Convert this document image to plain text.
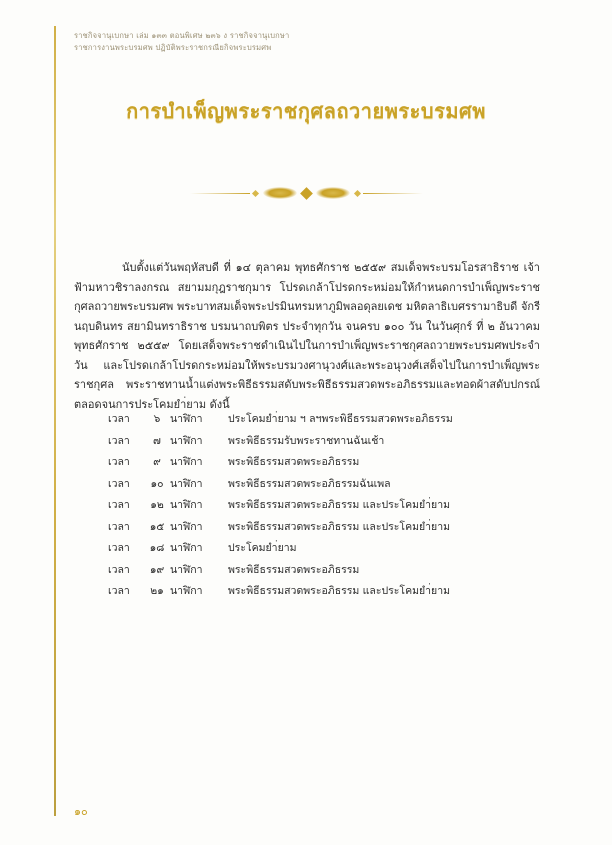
ราชกิจจานุเบกษา เล่ม ๑๓๓ ตอนพิเศษ ๒๓๖ ง ราชกิจจานุเบกษา
ราชการงานพระบรมศพ ปฏิบัติพระราชกรณียกิจพระบรมศพ
การบำเพ็ญพระราชกุศลถวายพระบรมศพ
นับตั้งแต่วันพฤหัสบดี ที่ ๑๔ ตุลาคม พุทธศักราช ๒๕๕๙ สมเด็จพระบรมโอรสาธิราช เจ้าฟ้ามหาวชิราลงกรณ สยามมกุฎราชกุมาร โปรดเกล้าโปรดกระหม่อมให้กำหนดการบำเพ็ญพระราชกุศลถวายพระบรมศพ พระบาทสมเด็จพระปรมินทรมหาภูมิพลอดุลยเดช มหิตลาธิเบศรรามาธิบดี จักรีนฤบดินทร สยามินทราธิราช บรมนาถบพิตร ประจำทุกวัน จนครบ ๑๐๐ วัน ในวันศุกร์ ที่ ๒ อันวาคม พุทธศักราช ๒๕๕๙ โดยเสด็จพระราชดำเนินไปในการบำเพ็ญพระราชกุศลถวายพระบรมศพประจำวัน และโปรดเกล้าโปรดกระหม่อมให้พระบรมวงศานุวงศ์และพระอนุวงศ์เสด็จไปในการบำเพ็ญพระราชกุศล พระราชทานน้ำแต่งพระพิธีธรรมสดับพระพิธีธรรมสวดพระอภิธรรมและทอดผ้าสดับปกรณ์ ตลอดจนการประโคมยำ่ยาม ดังนี้
เวลา	๖ นาฬิกา	ประโคมยำ่ยาม ฯ ลฯพระพิธีธรรมสวดพระอภิธรรม
เวลา	๗ นาฬิกา	พระพิธีธรรมรับพระราชทานฉันเช้า
เวลา	๙ นาฬิกา	พระพิธีธรรมสวดพระอภิธรรม
เวลา	๑๐ นาฬิกา	พระพิธีธรรมสวดพระอภิธรรมฉันเพล
เวลา	๑๒ นาฬิกา	พระพิธีธรรมสวดพระอภิธรรม และประโคมยำ่ยาม
เวลา	๑๕ นาฬิกา	พระพิธีธรรมสวดพระอภิธรรม และประโคมยำ่ยาม
เวลา	๑๘ นาฬิกา	ประโคมยำ่ยาม
เวลา	๑๙ นาฬิกา	พระพิธีธรรมสวดพระอภิธรรม
เวลา	๒๑ นาฬิกา	พระพิธีธรรมสวดพระอภิธรรม และประโคมยำ่ยาม
๑๐
